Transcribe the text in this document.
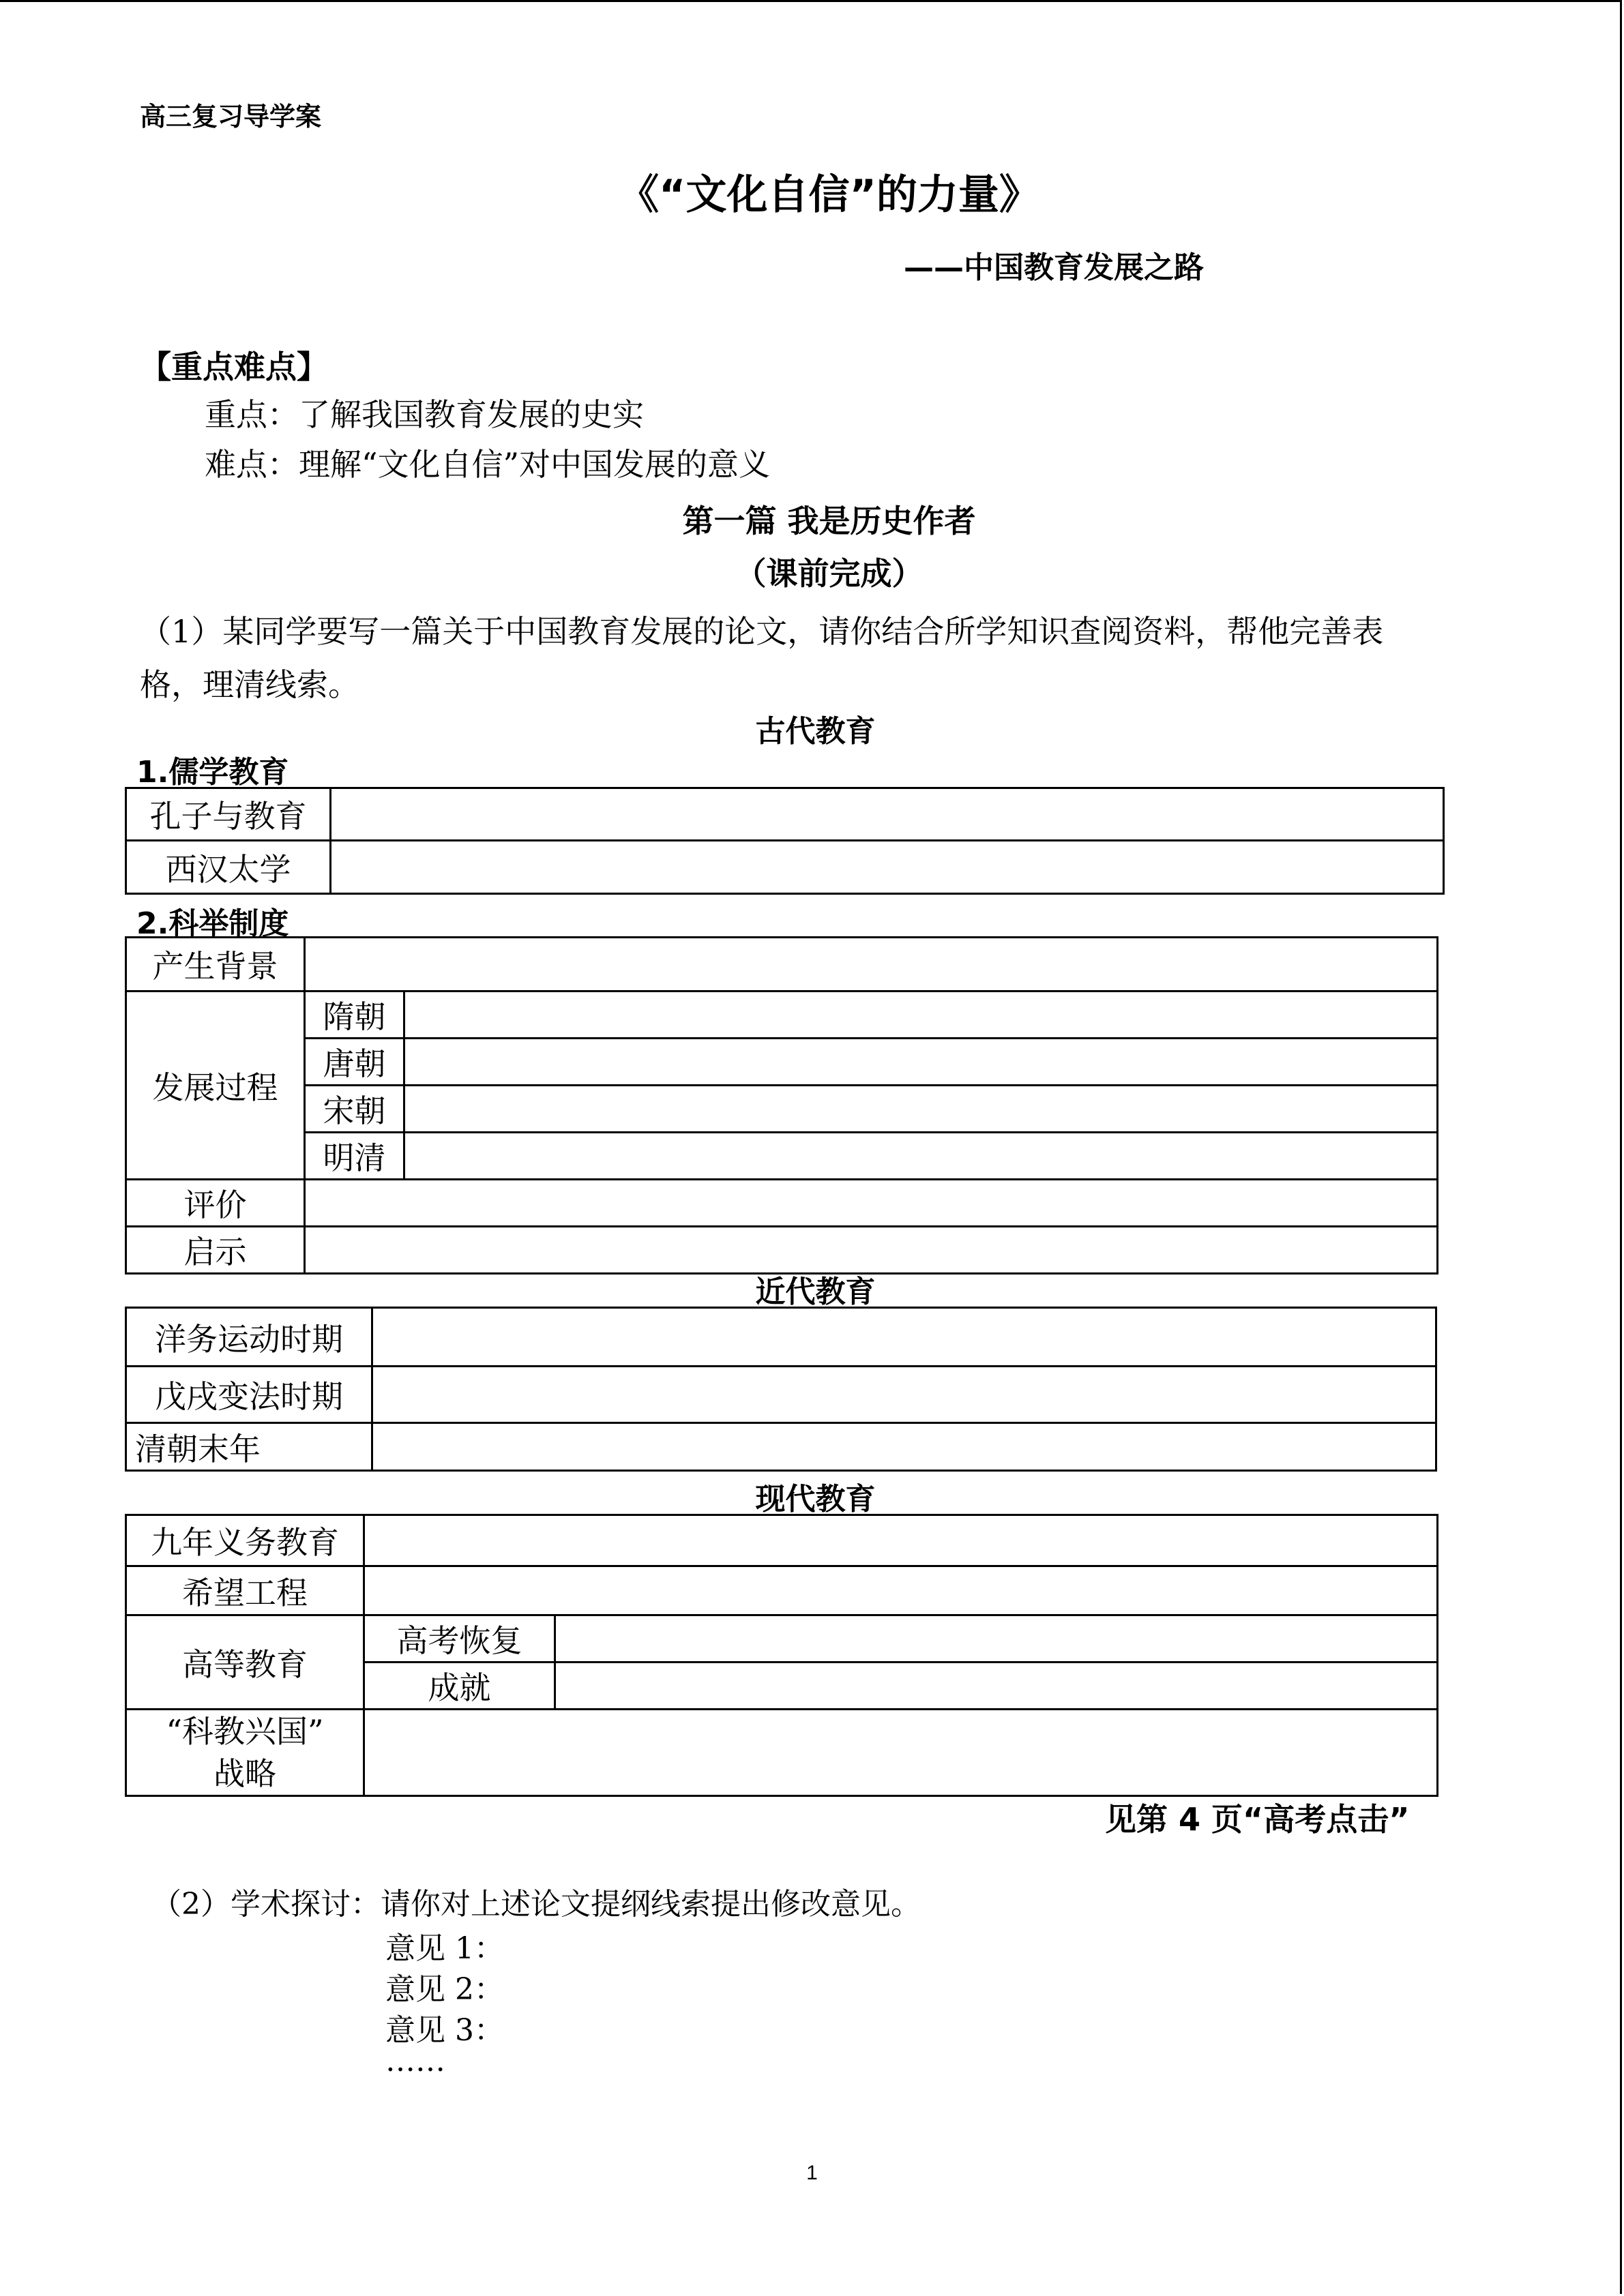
高三复习导学案
《“文化自信”的力量》
——中国教育发展之路
【重点难点】
重点：了解我国教育发展的史实
难点：理解“文化自信”对中国发展的意义
第一篇 我是历史作者
（课前完成）
（1）某同学要写一篇关于中国教育发展的论文，请你结合所学知识查阅资料，帮他完善表
格，理清线索。
古代教育
1.儒学教育
孔子与教育	
西汉太学	
2.科举制度
产生背景		
发展过程	隋朝	
	唐朝	
	宋朝	
	明清	
评价		
启示		
近代教育
洋务运动时期	
戊戌变法时期	
清朝末年	
现代教育
九年义务教育		
希望工程		
高等教育	高考恢复	
	成就	

“科教兴国”
战略		

见第 4 页“高考点击”
（2）学术探讨：请你对上述论文提纲线索提出修改意见。
意见 1：
意见 2：
意见 3：
……
1
